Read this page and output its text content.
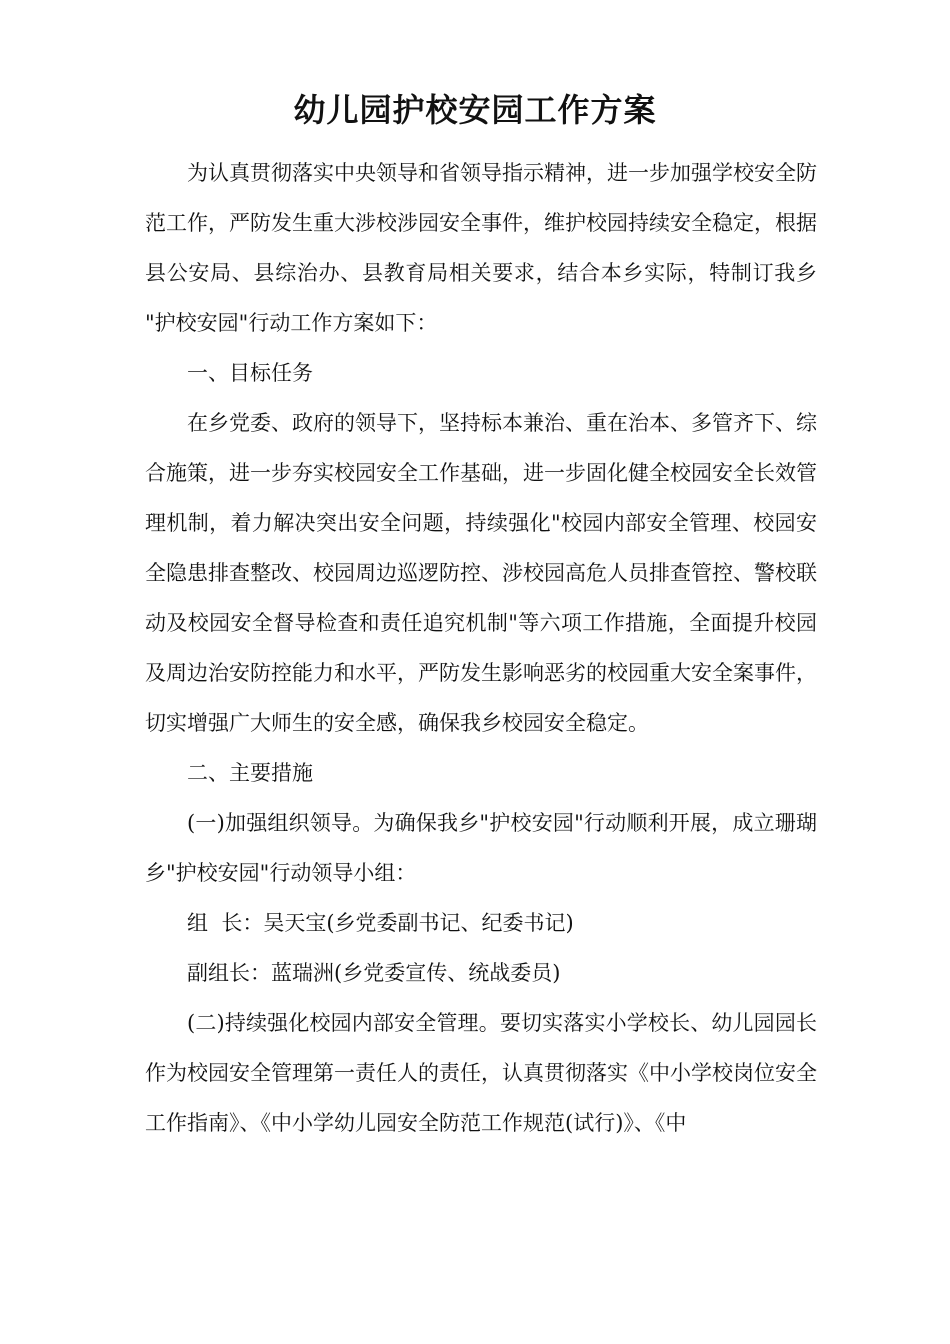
幼儿园护校安园工作方案

为认真贯彻落实中央领导和省领导指示精神，进一步加强学校安全防范工作，严防发生重大涉校涉园安全事件，维护校园持续安全稳定，根据县公安局、县综治办、县教育局相关要求，结合本乡实际，特制订我乡 "护校安园"行动工作方案如下：

一、目标任务

在乡党委、政府的领导下，坚持标本兼治、重在治本、多管齐下、综合施策，进一步夯实校园安全工作基础，进一步固化健全校园安全长效管理机制，着力解决突出安全问题，持续强化"校园内部安全管理、校园安全隐患排查整改、校园周边巡逻防控、涉校园高危人员排查管控、警校联动及校园安全督导检查和责任追究机制"等六项工作措施，全面提升校园及周边治安防控能力和水平，严防发生影响恶劣的校园重大安全案事件，切实增强广大师生的安全感，确保我乡校园安全稳定。

二、主要措施

(一)加强组织领导。为确保我乡"护校安园"行动顺利开展，成立珊瑚乡"护校安园"行动领导小组：

组  长：吴天宝(乡党委副书记、纪委书记)

副组长：蓝瑞洲(乡党委宣传、统战委员)

(二)持续强化校园内部安全管理。要切实落实小学校长、幼儿园园长作为校园安全管理第一责任人的责任，认真贯彻落实《中小学校岗位安全工作指南》、《中小学幼儿园安全防范工作规范(试行)》、《中
